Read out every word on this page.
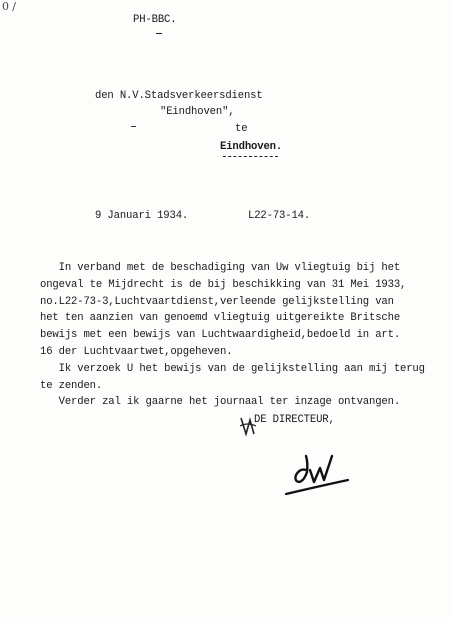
0 /
PH-BBC.
den N.V.Stadsverkeersdienst
"Eindhoven",
te
Eindhoven.
9 Januari 1934.	L22-73-14.
In verband met de beschadiging van Uw vliegtuig bij het
ongeval te Mijdrecht is de bij beschikking van 31 Mei 1933,
no.L22-73-3,Luchtvaartdienst,verleende gelijkstelling van
het ten aanzien van genoemd vliegtuig uitgereikte Britsche
bewijs met een bewijs van Luchtwaardigheid,bedoeld in art.
16 der Luchtvaartwet,opgeheven.
Ik verzoek U het bewijs van de gelijkstelling aan mij terug
te zenden.
Verder zal ik gaarne het journaal ter inzage ontvangen.
DE DIRECTEUR,
